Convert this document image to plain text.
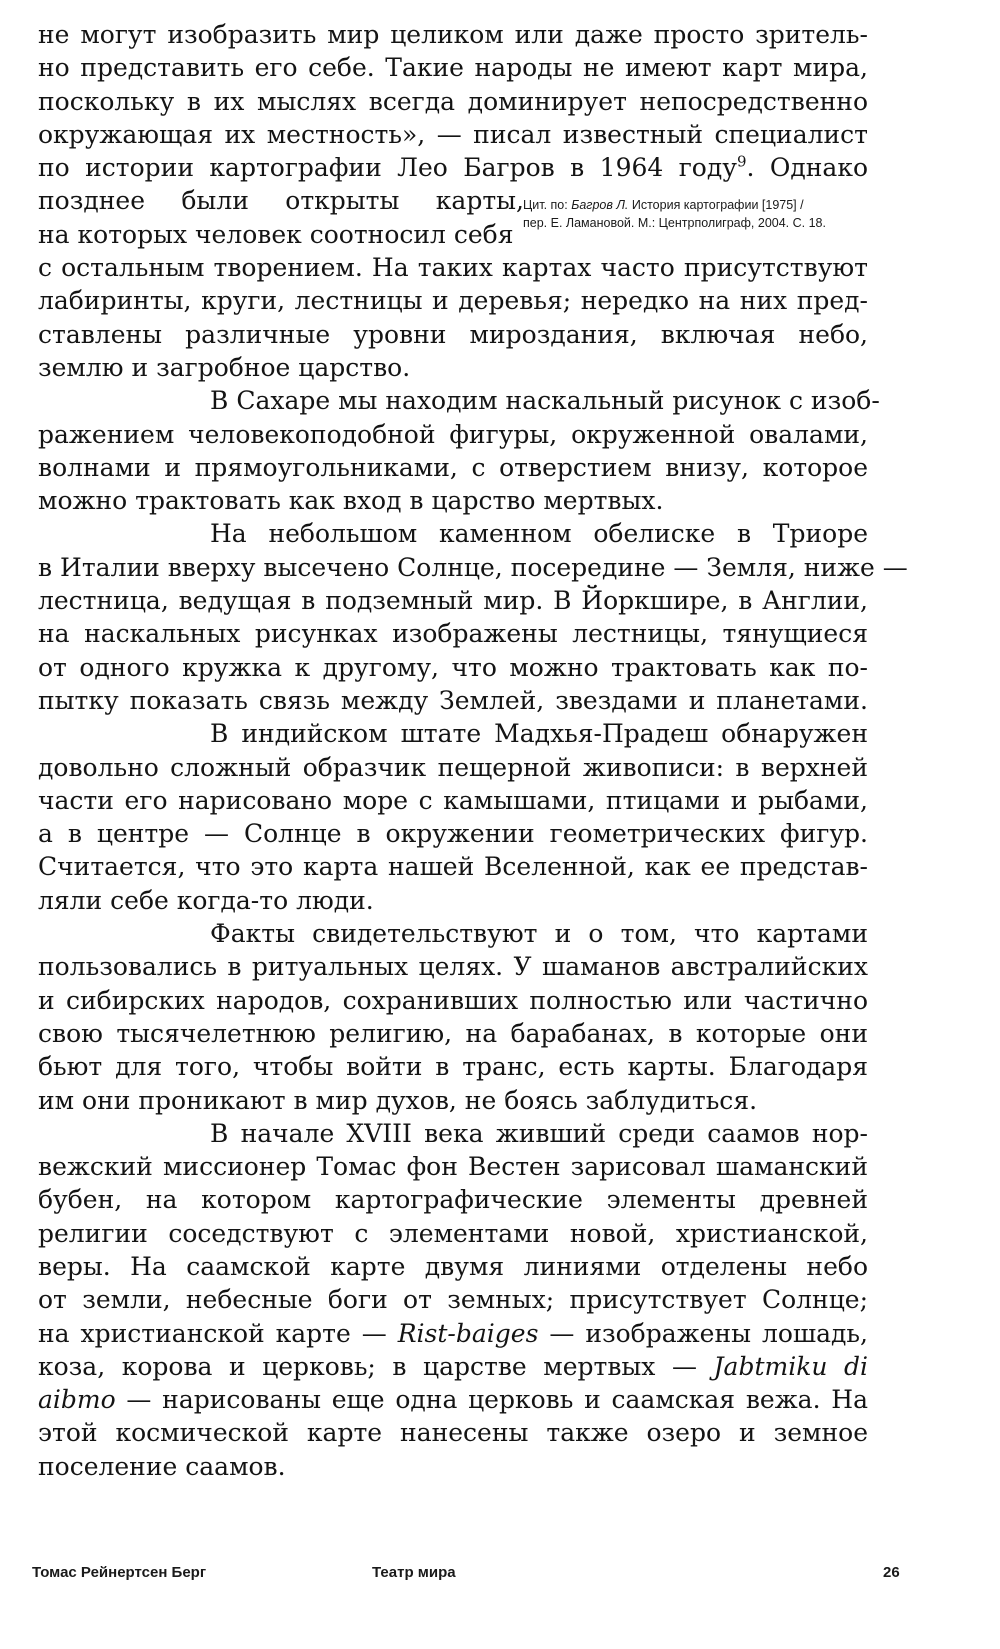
не могут изобразить мир целиком или даже просто зритель-
но представить его себе. Такие народы не имеют карт мира,
поскольку в их мыслях всегда доминирует непосредственно
окружающая их местность», — писал известный специалист
по истории картографии Лео Багров в 1964 году$^9$. Однако
позднее были открыты карты,
на которых человек соотносил себя
с остальным творением. На таких картах часто присутствуют
лабиринты, круги, лестницы и деревья; нередко на них пред-
ставлены различные уровни мироздания, включая небо,
землю и загробное царство.
В Сахаре мы находим наскальный рисунок с изоб-
ражением человекоподобной фигуры, окруженной овалами,
волнами и прямоугольниками, с отверстием внизу, которое
можно трактовать как вход в царство мертвых.
На небольшом каменном обелиске в Триоре
в Италии вверху высечено Солнце, посередине — Земля, ниже —
лестница, ведущая в подземный мир. В Йоркшире, в Англии,
на наскальных рисунках изображены лестницы, тянущиеся
от одного кружка к другому, что можно трактовать как по-
пытку показать связь между Землей, звездами и планетами.
В индийском штате Мадхья-Прадеш обнаружен
довольно сложный образчик пещерной живописи: в верхней
части его нарисовано море с камышами, птицами и рыбами,
а в центре — Солнце в окружении геометрических фигур.
Считается, что это карта нашей Вселенной, как ее представ-
ляли себе когда-то люди.
Факты свидетельствуют и о том, что картами
пользовались в ритуальных целях. У шаманов австралийских
и сибирских народов, сохранивших полностью или частично
свою тысячелетнюю религию, на барабанах, в которые они
бьют для того, чтобы войти в транс, есть карты. Благодаря
им они проникают в мир духов, не боясь заблудиться.
В начале XVIII века живший среди саамов нор-
вежский миссионер Томас фон Вестен зарисовал шаманский
бубен, на котором картографические элементы древней
религии соседствуют с элементами новой, христианской,
веры. На саамской карте двумя линиями отделены небо
от земли, небесные боги от земных; присутствует Солнце;
на христианской карте — Rist-baiges — изображены лошадь,
коза, корова и церковь; в царстве мертвых — Jabtmiku di
aibmo — нарисованы еще одна церковь и саамская вежа. На
этой космической карте нанесены также озеро и земное
поселение саамов.
Цит. по: Багров Л. История картографии [1975] /
пер. Е. Ламановой. М.: Центрполиграф, 2004. С. 18.
Томас Рейнертсен Берг	Театр мира	26
